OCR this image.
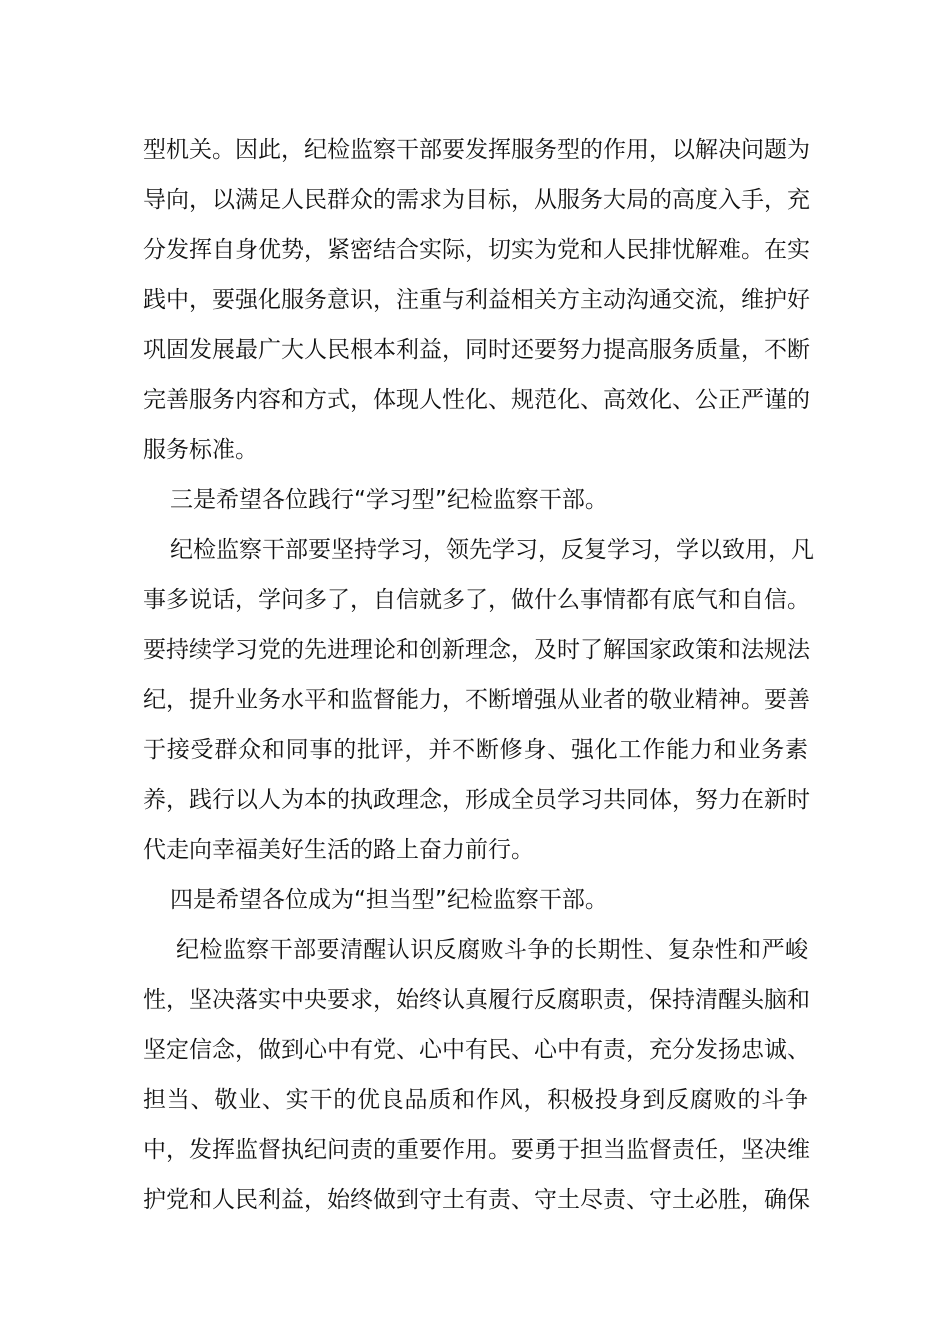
型机关。因此，纪检监察干部要发挥服务型的作用，以解决问题为
导向，以满足人民群众的需求为目标，从服务大局的高度入手，充
分发挥自身优势，紧密结合实际，切实为党和人民排忧解难。在实
践中，要强化服务意识，注重与利益相关方主动沟通交流，维护好
巩固发展最广大人民根本利益，同时还要努力提高服务质量，不断
完善服务内容和方式，体现人性化、规范化、高效化、公正严谨的
服务标准。
三是希望各位践行“学习型”纪检监察干部。
纪检监察干部要坚持学习，领先学习，反复学习，学以致用，凡
事多说话，学问多了，自信就多了，做什么事情都有底气和自信。
要持续学习党的先进理论和创新理念，及时了解国家政策和法规法
纪，提升业务水平和监督能力，不断增强从业者的敬业精神。要善
于接受群众和同事的批评，并不断修身、强化工作能力和业务素
养，践行以人为本的执政理念，形成全员学习共同体，努力在新时
代走向幸福美好生活的路上奋力前行。
四是希望各位成为“担当型”纪检监察干部。
纪检监察干部要清醒认识反腐败斗争的长期性、复杂性和严峻
性，坚决落实中央要求，始终认真履行反腐职责，保持清醒头脑和
坚定信念，做到心中有党、心中有民、心中有责，充分发扬忠诚、
担当、敬业、实干的优良品质和作风，积极投身到反腐败的斗争
中，发挥监督执纪问责的重要作用。要勇于担当监督责任，坚决维
护党和人民利益，始终做到守土有责、守土尽责、守土必胜，确保
